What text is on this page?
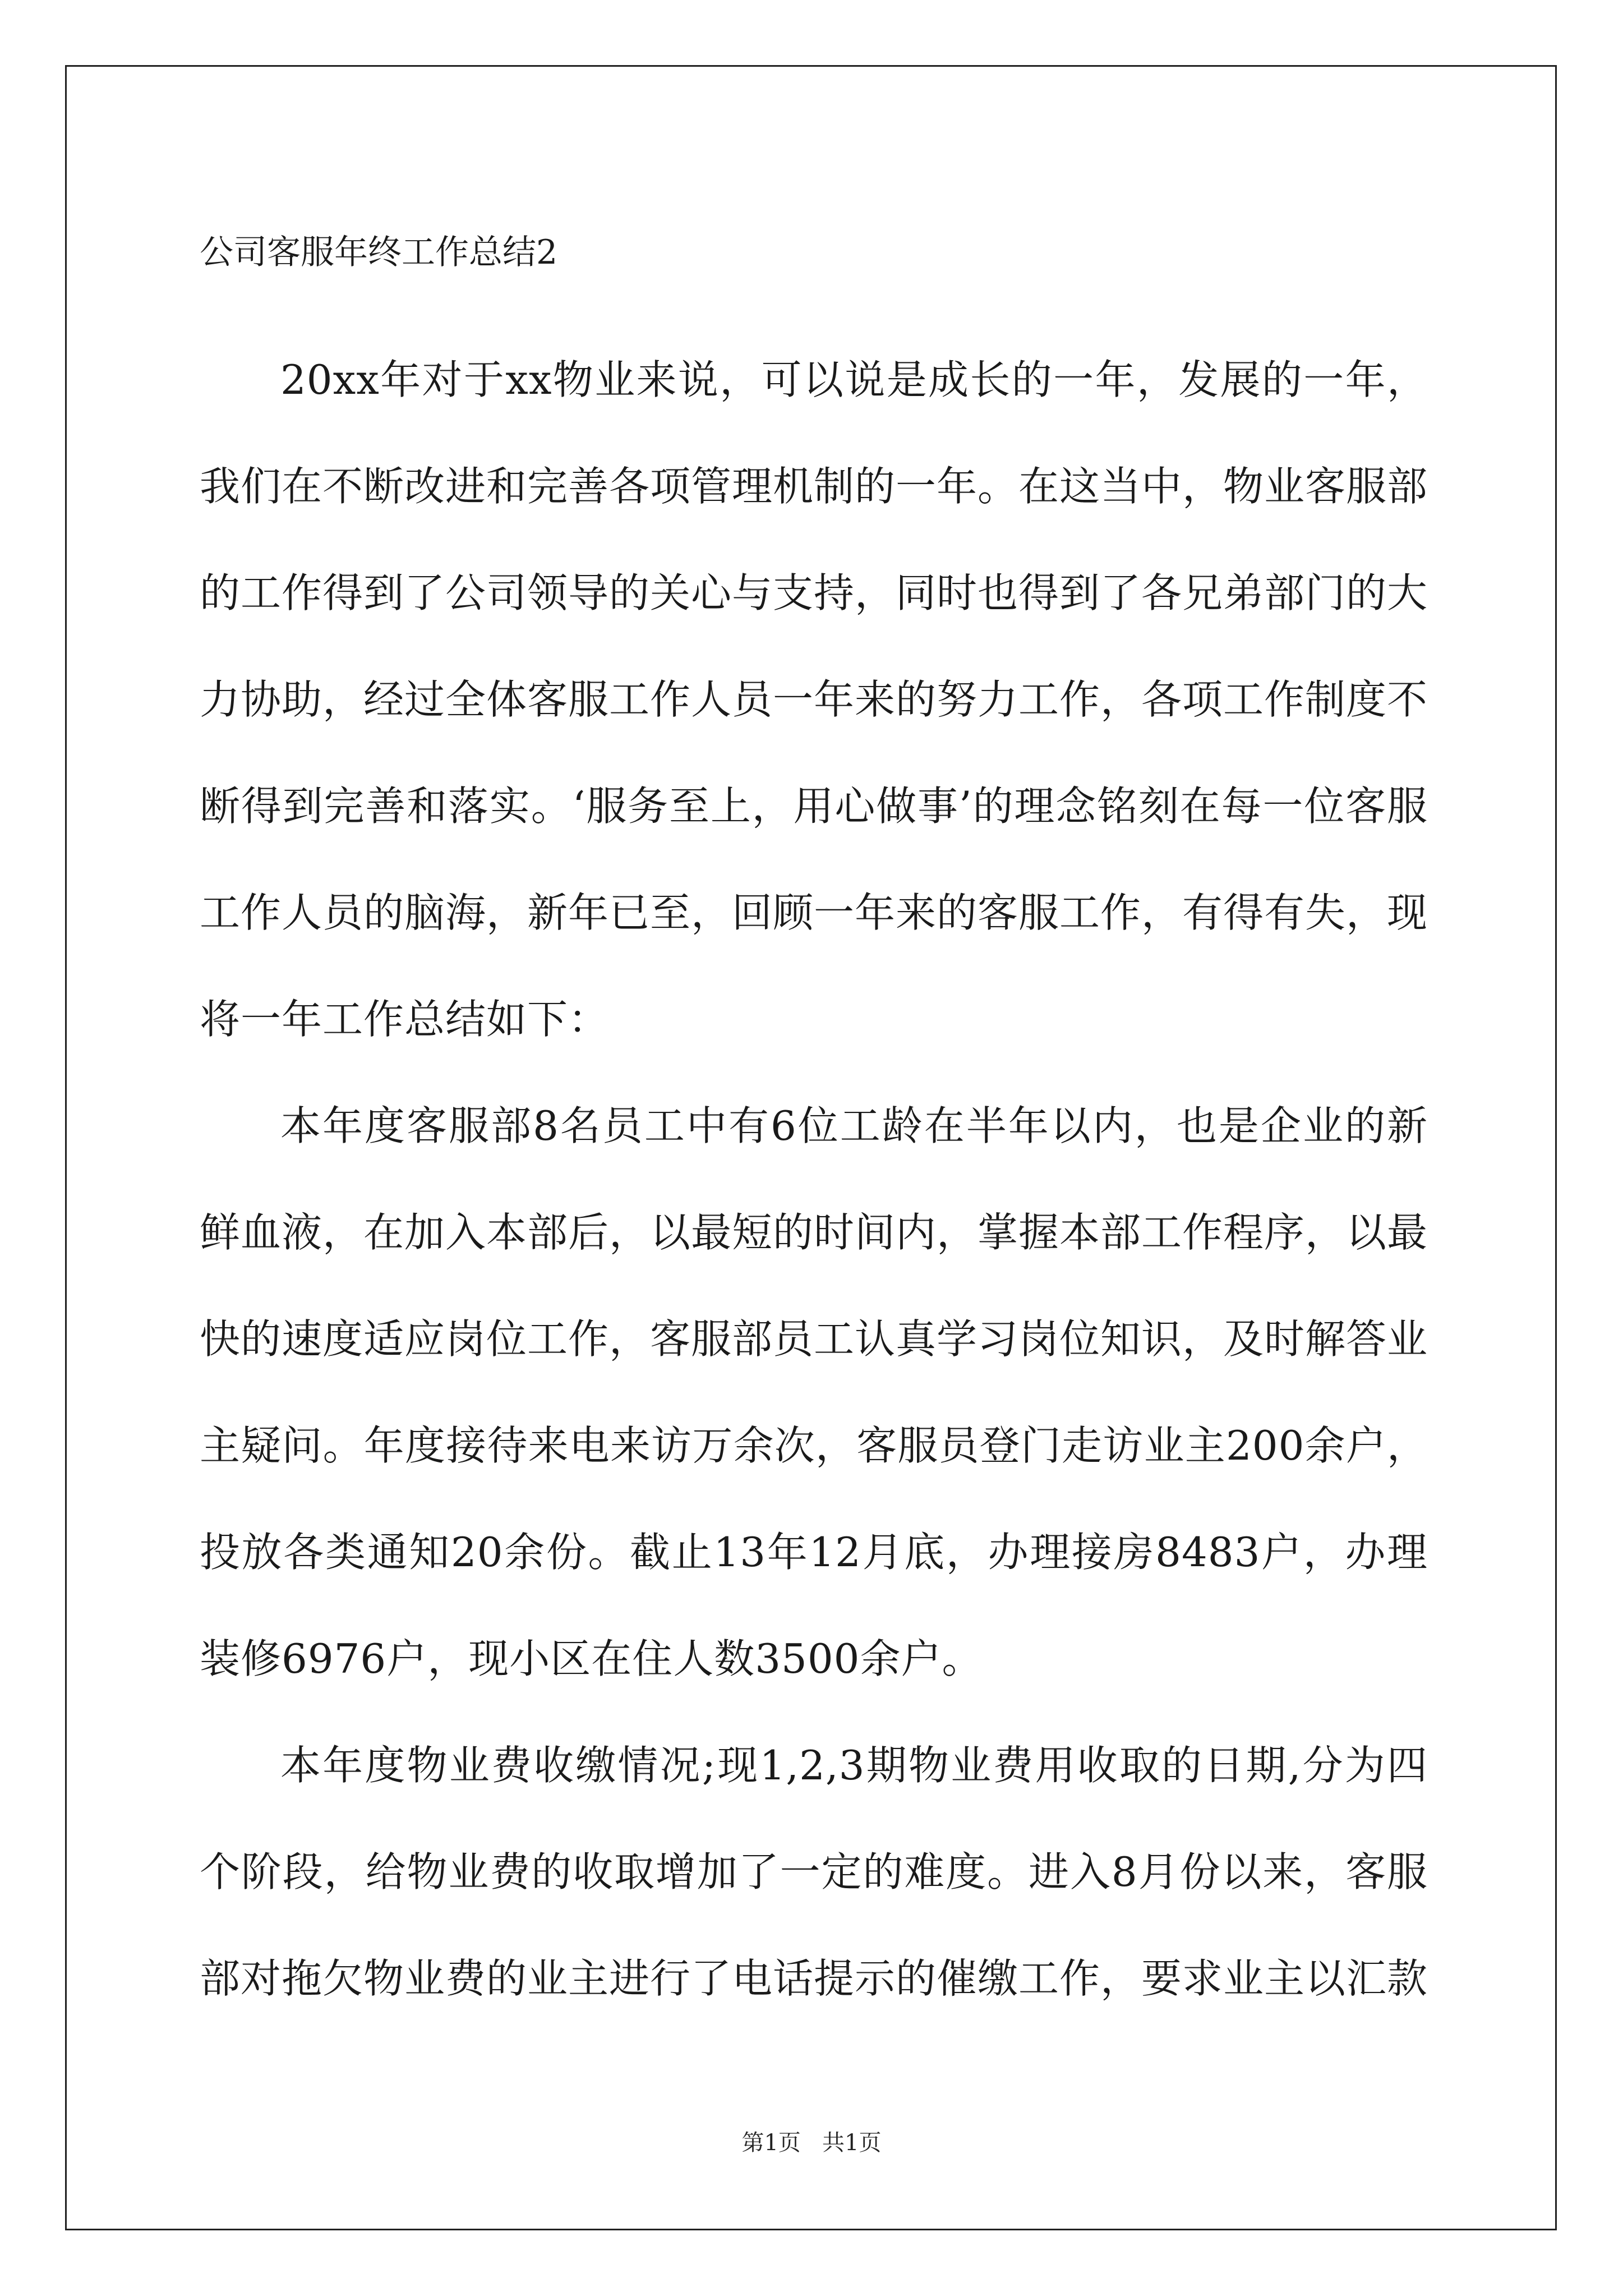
公司客服年终工作总结2

20xx年对于xx物业来说，可以说是成长的一年，发展的一年，我们在不断改进和完善各项管理机制的一年。在这当中，物业客服部的工作得到了公司领导的关心与支持，同时也得到了各兄弟部门的大力协助，经过全体客服工作人员一年来的努力工作，各项工作制度不断得到完善和落实。‘服务至上，用心做事’的理念铭刻在每一位客服工作人员的脑海，新年已至，回顾一年来的客服工作，有得有失，现将一年工作总结如下：

本年度客服部8名员工中有6位工龄在半年以内，也是企业的新鲜血液，在加入本部后，以最短的时间内，掌握本部工作程序，以最快的速度适应岗位工作，客服部员工认真学习岗位知识，及时解答业主疑问。年度接待来电来访万余次，客服员登门走访业主200余户，投放各类通知20余份。截止13年12月底，办理接房8483户，办理装修6976户，现小区在住人数3500余户。

本年度物业费收缴情况;现1,2,3期物业费用收取的日期,分为四个阶段，给物业费的收取增加了一定的难度。进入8月份以来，客服部对拖欠物业费的业主进行了电话提示的催缴工作，要求业主以汇款

第1页   共1页
